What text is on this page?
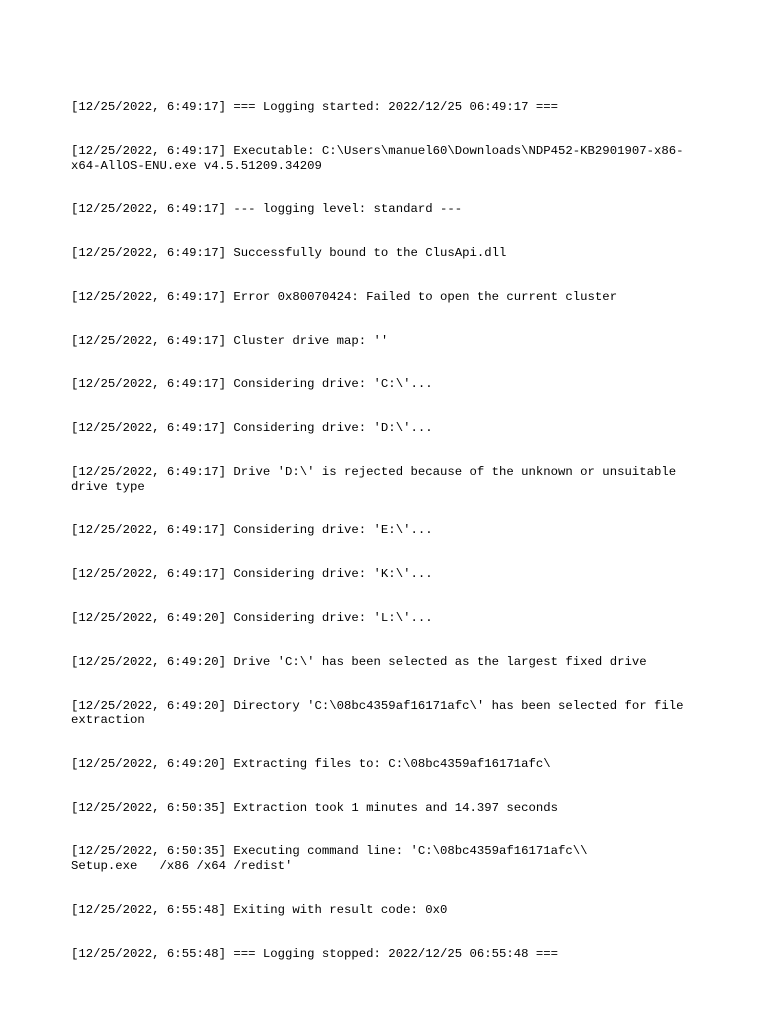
[12/25/2022, 6:49:17] === Logging started: 2022/12/25 06:49:17 ===

[12/25/2022, 6:49:17] Executable: C:\Users\manuel60\Downloads\NDP452-KB2901907-x86-
x64-AllOS-ENU.exe v4.5.51209.34209

[12/25/2022, 6:49:17] --- logging level: standard ---

[12/25/2022, 6:49:17] Successfully bound to the ClusApi.dll

[12/25/2022, 6:49:17] Error 0x80070424: Failed to open the current cluster

[12/25/2022, 6:49:17] Cluster drive map: ''

[12/25/2022, 6:49:17] Considering drive: 'C:\'...

[12/25/2022, 6:49:17] Considering drive: 'D:\'...

[12/25/2022, 6:49:17] Drive 'D:\' is rejected because of the unknown or unsuitable
drive type

[12/25/2022, 6:49:17] Considering drive: 'E:\'...

[12/25/2022, 6:49:17] Considering drive: 'K:\'...

[12/25/2022, 6:49:20] Considering drive: 'L:\'...

[12/25/2022, 6:49:20] Drive 'C:\' has been selected as the largest fixed drive

[12/25/2022, 6:49:20] Directory 'C:\08bc4359af16171afc\' has been selected for file
extraction

[12/25/2022, 6:49:20] Extracting files to: C:\08bc4359af16171afc\

[12/25/2022, 6:50:35] Extraction took 1 minutes and 14.397 seconds

[12/25/2022, 6:50:35] Executing command line: 'C:\08bc4359af16171afc\\
Setup.exe   /x86 /x64 /redist'

[12/25/2022, 6:55:48] Exiting with result code: 0x0

[12/25/2022, 6:55:48] === Logging stopped: 2022/12/25 06:55:48 ===
